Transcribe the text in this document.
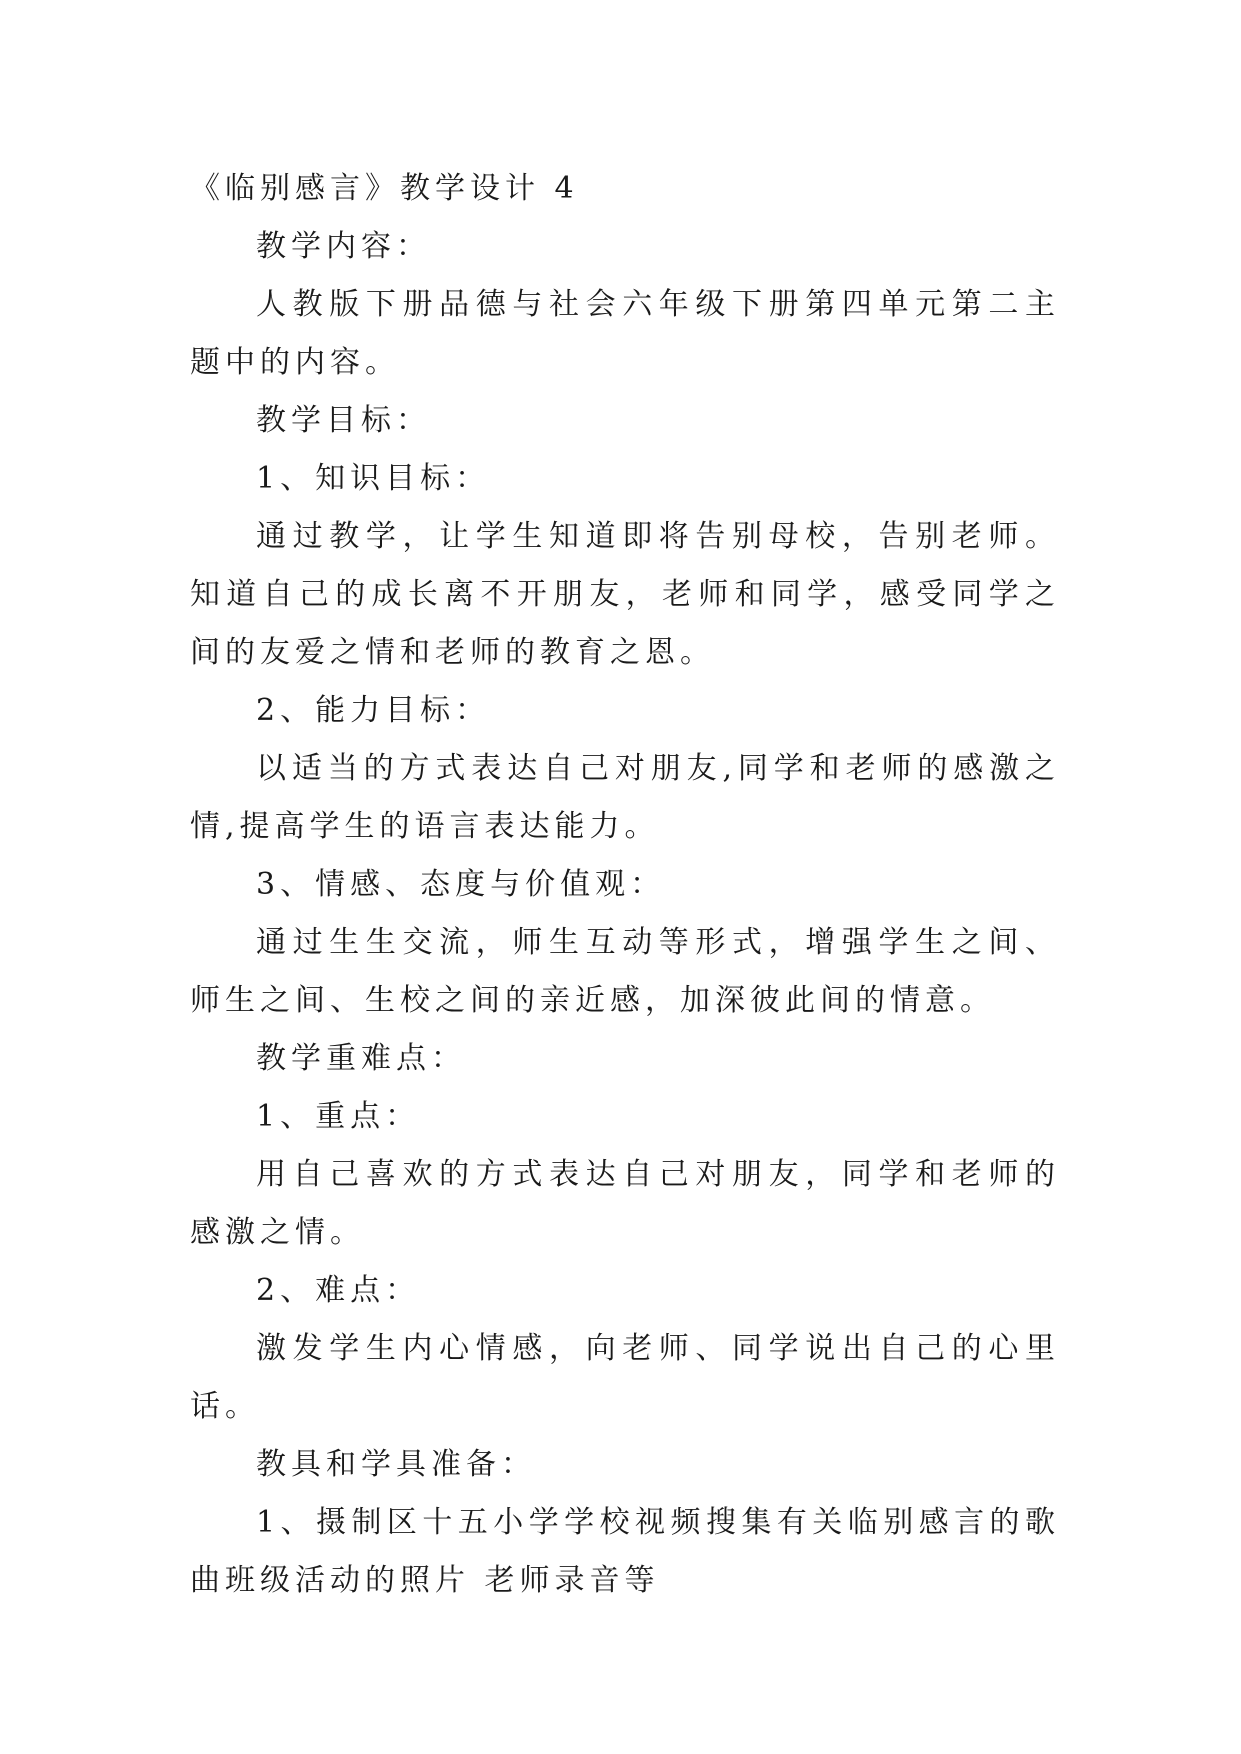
《临别感言》教学设计 4

教学内容：

人教版下册品德与社会六年级下册第四单元第二主题中的内容。

教学目标：

1、知识目标：

通过教学，让学生知道即将告别母校，告别老师。知道自己的成长离不开朋友，老师和同学，感受同学之间的友爱之情和老师的教育之恩。

2、能力目标：

以适当的方式表达自己对朋友,同学和老师的感激之情,提高学生的语言表达能力。

3、情感、态度与价值观：

通过生生交流，师生互动等形式，增强学生之间、师生之间、生校之间的亲近感，加深彼此间的情意。

教学重难点：

1、重点：

用自己喜欢的方式表达自己对朋友，同学和老师的感激之情。

2、难点：

激发学生内心情感，向老师、同学说出自己的心里话。

教具和学具准备：

1、摄制区十五小学学校视频搜集有关临别感言的歌曲班级活动的照片 老师录音等
